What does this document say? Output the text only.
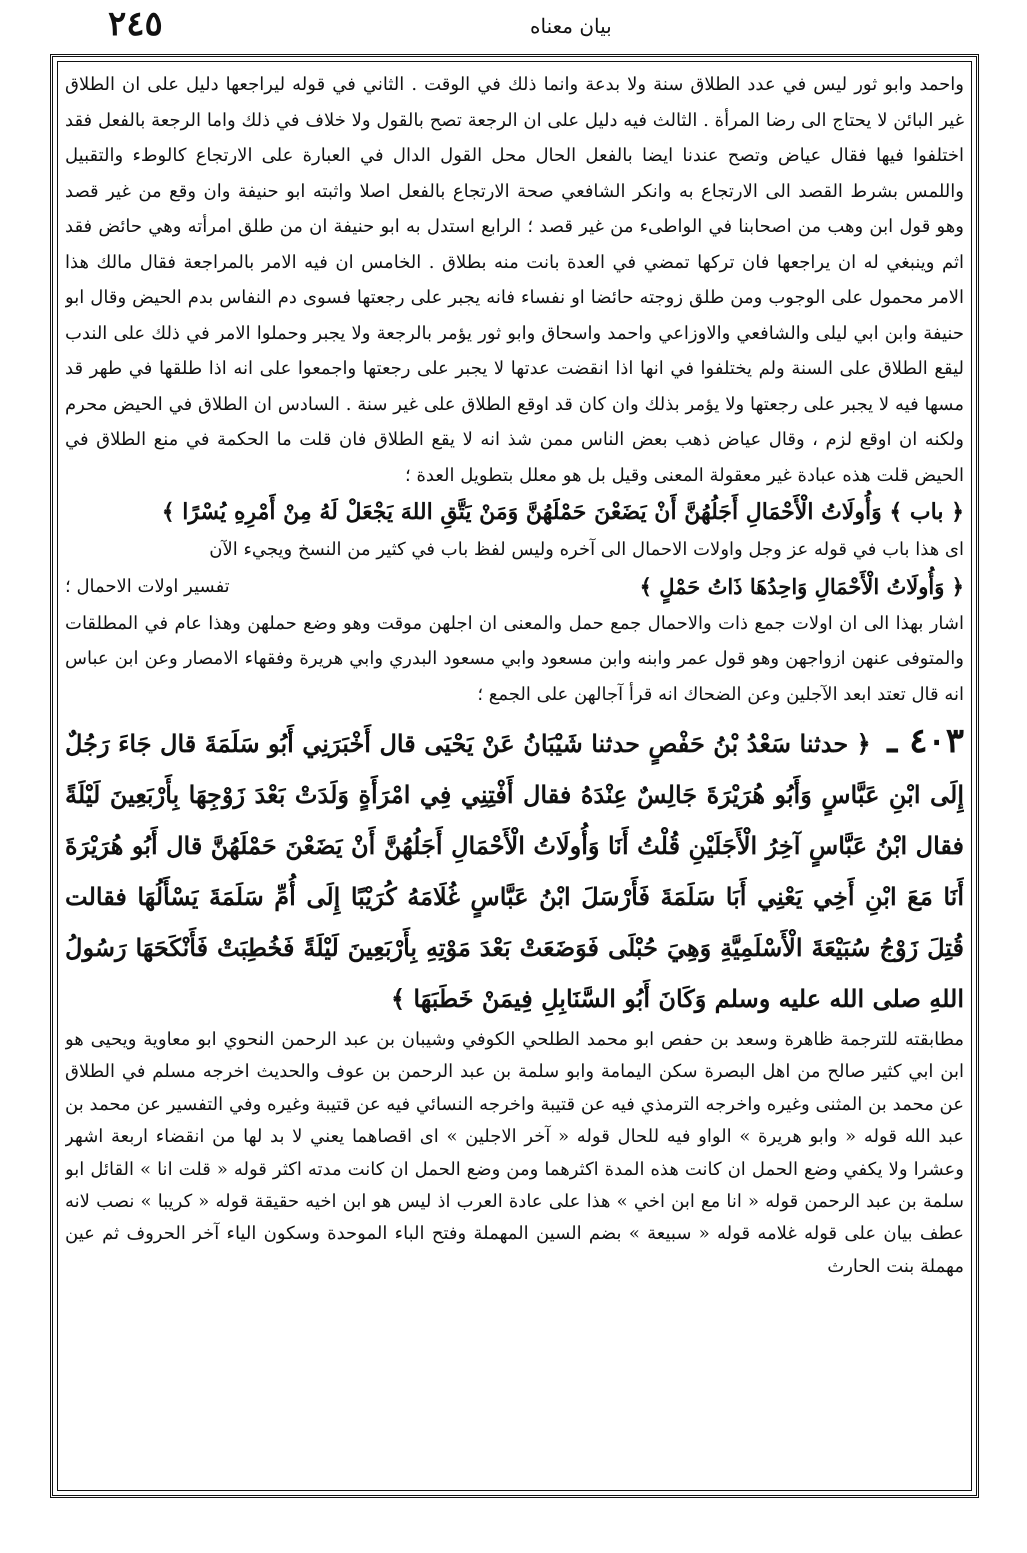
٢٤٥	بيان معناه

واحمد وابو ثور ليس في عدد الطلاق سنة ولا بدعة وانما ذلك في الوقت . الثاني في قوله ليراجعها دليل على ان الطلاق غير البائن لا يحتاج الى رضا المرأة . الثالث فيه دليل على ان الرجعة تصح بالقول ولا خلاف في ذلك واما الرجعة بالفعل فقد اختلفوا فيها فقال عياض وتصح عندنا ايضا بالفعل الحال محل القول الدال في العبارة على الارتجاع كالوطء والتقبيل واللمس بشرط القصد الى الارتجاع به وانكر الشافعي صحة الارتجاع بالفعل اصلا واثبته ابو حنيفة وان وقع من غير قصد وهو قول ابن وهب من اصحابنا في الواطىء من غير قصد ؛ الرابع استدل به ابو حنيفة ان من طلق امرأته وهي حائض فقد اثم وينبغي له ان يراجعها فان تركها تمضي في العدة بانت منه بطلاق . الخامس ان فيه الامر بالمراجعة فقال مالك هذا الامر محمول على الوجوب ومن طلق زوجته حائضا او نفساء فانه يجبر على رجعتها فسوى دم النفاس بدم الحيض وقال ابو حنيفة وابن ابي ليلى والشافعي والاوزاعي واحمد واسحاق وابو ثور يؤمر بالرجعة ولا يجبر وحملوا الامر في ذلك على الندب ليقع الطلاق على السنة ولم يختلفوا في انها اذا انقضت عدتها لا يجبر على رجعتها واجمعوا على انه اذا طلقها في طهر قد مسها فيه لا يجبر على رجعتها ولا يؤمر بذلك وان كان قد اوقع الطلاق على غير سنة . السادس ان الطلاق في الحيض محرم ولكنه ان اوقع لزم ، وقال عياض ذهب بعض الناس ممن شذ انه لا يقع الطلاق فان قلت ما الحكمة في منع الطلاق في الحيض قلت هذه عبادة غير معقولة المعنى وقيل بل هو معلل بتطويل العدة ؛

﴿ باب ﴾ وَأُولَاتُ الْأَحْمَالِ أَجَلُهُنَّ أَنْ يَضَعْنَ حَمْلَهُنَّ وَمَنْ يَتَّقِ اللهَ يَجْعَلْ لَهُ مِنْ أَمْرِهِ يُسْرًا ﴾

اى هذا باب في قوله عز وجل واولات الاحمال الى آخره وليس لفظ باب في كثير من النسخ ويجيء الآن

﴿ وَأُولَاتُ الْأَحْمَالِ وَاحِدُهَا ذَاتُ حَمْلٍ ﴾
تفسير اولات الاحمال ؛

اشار بهذا الى ان اولات جمع ذات والاحمال جمع حمل والمعنى ان اجلهن موقت وهو وضع حملهن وهذا عام في المطلقات والمتوفى عنهن ازواجهن وهو قول عمر وابنه وابن مسعود وابي مسعود البدري وابي هريرة وفقهاء الامصار وعن ابن عباس انه قال تعتد ابعد الآجلين وعن الضحاك انه قرأ آجالهن على الجمع ؛

٤٠٣ ـ ﴿ حدثنا سَعْدُ بْنُ حَفْصٍ حدثنا شَيْبَانُ عَنْ يَحْيَى قال أَخْبَرَنِي أَبُو سَلَمَةَ قال جَاءَ رَجُلٌ إِلَى ابْنِ عَبَّاسٍ وَأَبُو هُرَيْرَةَ جَالِسٌ عِنْدَهُ فقال أَفْتِنِي فِي امْرَأَةٍ وَلَدَتْ بَعْدَ زَوْجِهَا بِأَرْبَعِينَ لَيْلَةً فقال ابْنُ عَبَّاسٍ آخِرُ الْأَجَلَيْنِ قُلْتُ أَنَا وَأُولَاتُ الْأَحْمَالِ أَجَلُهُنَّ أَنْ يَضَعْنَ حَمْلَهُنَّ قال أَبُو هُرَيْرَةَ أَنَا مَعَ ابْنِ أَخِي يَعْنِي أَبَا سَلَمَةَ فَأَرْسَلَ ابْنُ عَبَّاسٍ غُلَامَهُ كُرَيْبًا إِلَى أُمِّ سَلَمَةَ يَسْأَلُهَا فقالت قُتِلَ زَوْجُ سُبَيْعَةَ الْأَسْلَمِيَّةِ وَهِيَ حُبْلَى فَوَضَعَتْ بَعْدَ مَوْتِهِ بِأَرْبَعِينَ لَيْلَةً فَخُطِبَتْ فَأَنْكَحَهَا رَسُولُ اللهِ صلى الله عليه وسلم وَكَانَ أَبُو السَّنَابِلِ فِيمَنْ خَطَبَهَا ﴾

مطابقته للترجمة ظاهرة وسعد بن حفص ابو محمد الطلحي الكوفي وشيبان بن عبد الرحمن النحوي ابو معاوية ويحيى هو ابن ابي كثير صالح من اهل البصرة سكن اليمامة وابو سلمة بن عبد الرحمن بن عوف والحديث اخرجه مسلم في الطلاق عن محمد بن المثنى وغيره واخرجه الترمذي فيه عن قتيبة واخرجه النسائي فيه عن قتيبة وغيره وفي التفسير عن محمد بن عبد الله قوله « وابو هريرة » الواو فيه للحال قوله « آخر الاجلين » اى اقصاهما يعني لا بد لها من انقضاء اربعة اشهر وعشرا ولا يكفي وضع الحمل ان كانت هذه المدة اكثرهما ومن وضع الحمل ان كانت مدته اكثر قوله « قلت انا » القائل ابو سلمة بن عبد الرحمن قوله « انا مع ابن اخي » هذا على عادة العرب اذ ليس هو ابن اخيه حقيقة قوله « كريبا » نصب لانه عطف بيان على قوله غلامه قوله « سبيعة » بضم السين المهملة وفتح الباء الموحدة وسكون الياء آخر الحروف ثم عين مهملة بنت الحارث
